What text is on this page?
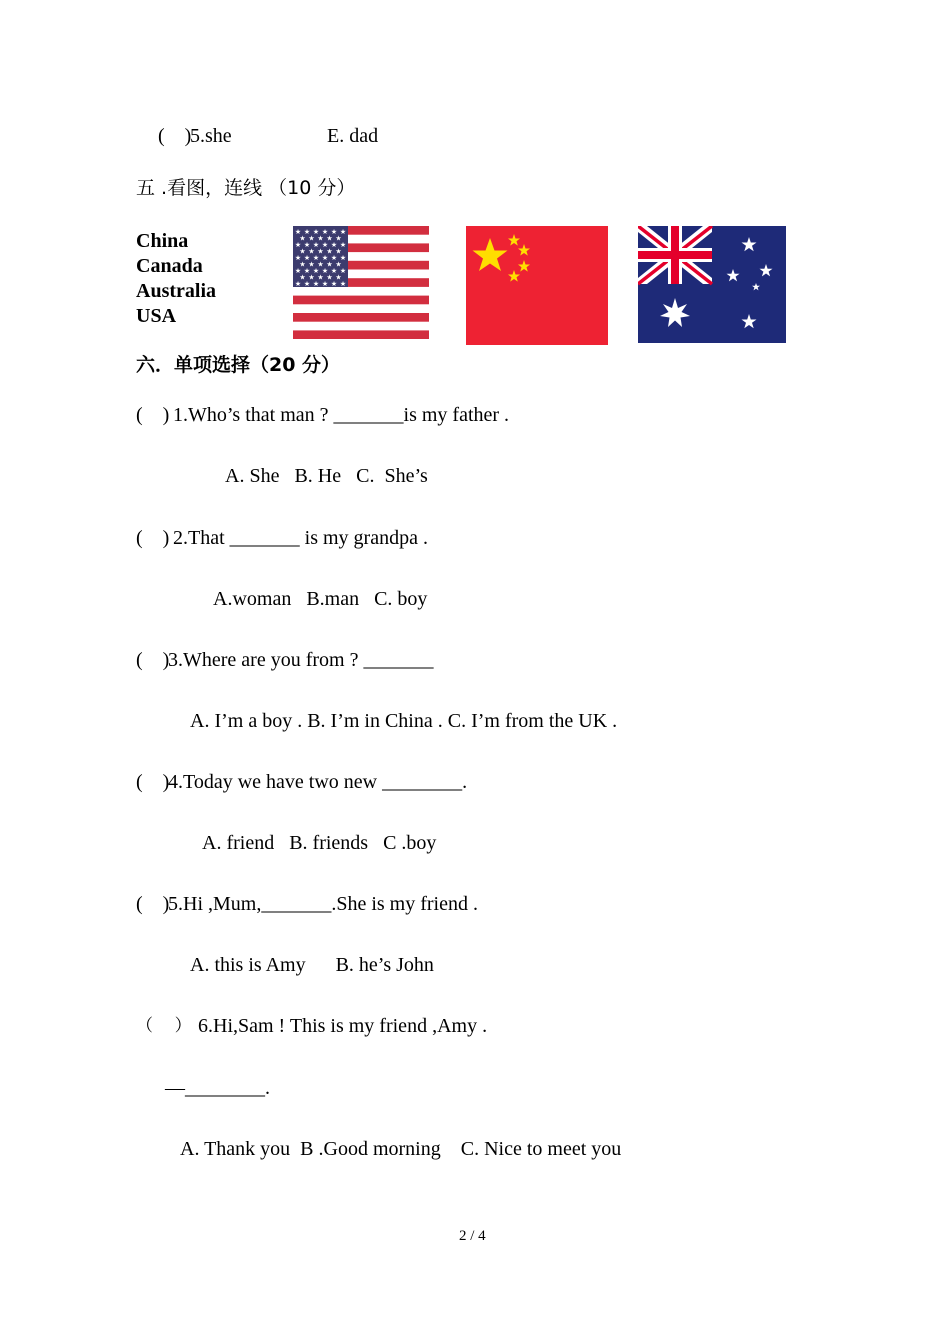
(    )
5.she	E. dad
五 .看图，连线 （10 分）
China
Canada
Australia
USA
★ ★ ★ ★ ★ ★
★ ★ ★ ★ ★
★ ★ ★ ★ ★ ★
★ ★ ★ ★ ★
★ ★ ★ ★ ★ ★
★ ★ ★ ★ ★
★ ★ ★ ★ ★ ★
★ ★ ★ ★ ★
★ ★ ★ ★ ★ ★
六．单项选择（20 分）
(    )
1.Who’s that man ? _______is my father .
A. She   B. He   C.  She’s
(    )
2.That _______ is my grandpa .
A.woman   B.man   C. boy
(    )
3.Where are you from ? _______
A. I’m a boy . B. I’m in China . C. I’m from the UK .
(    )
4.Today we have two new ________.
A. friend   B. friends   C .boy
(    )
5.Hi ,Mum,_______.She is my friend .
A. this is Amy      B. he’s John
（    ） 6.Hi,Sam ! This is my friend ,Amy .
—________.
A. Thank you  B .Good morning    C. Nice to meet you
2 / 4
